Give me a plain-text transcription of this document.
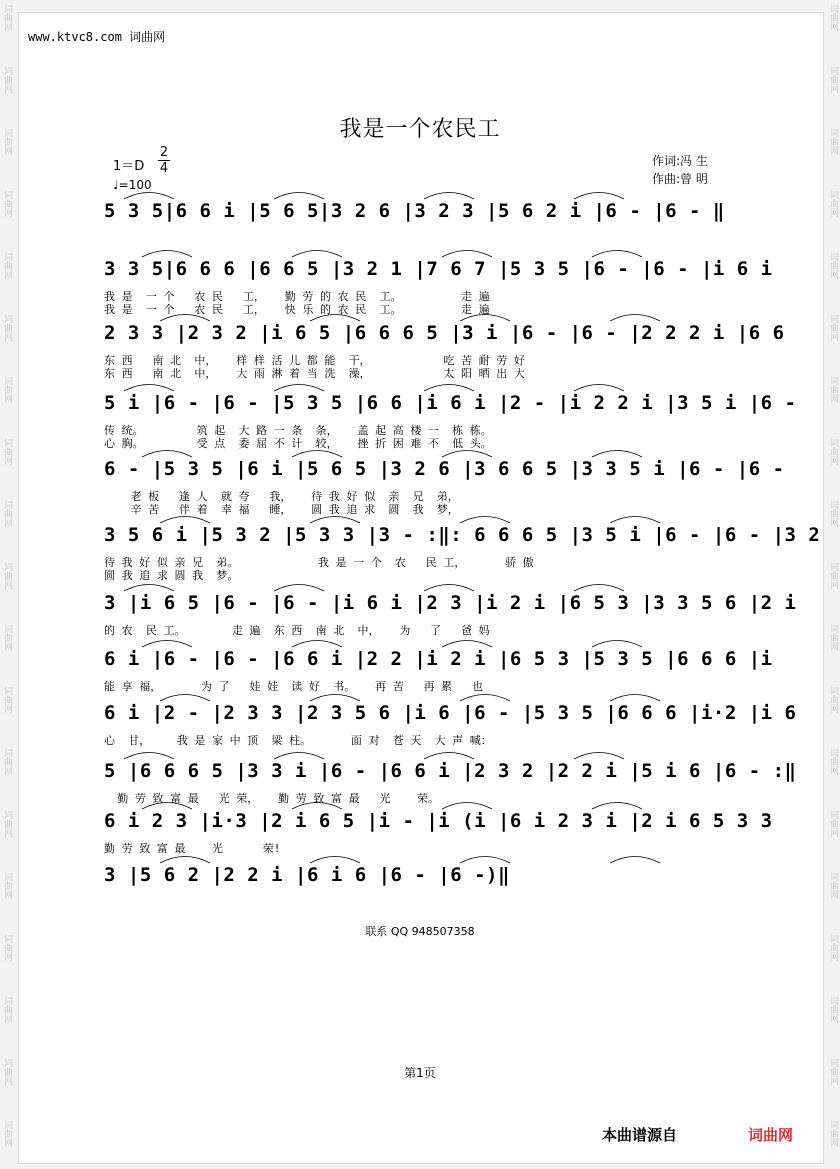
词曲网
词曲网
词曲网
词曲网
词曲网
词曲网
词曲网
词曲网
词曲网
词曲网
词曲网
词曲网
词曲网
词曲网
词曲网
词曲网
词曲网
词曲网
词曲网
词曲网
词曲网
词曲网
词曲网
词曲网
词曲网
词曲网
词曲网
词曲网
词曲网
词曲网
词曲网
词曲网
词曲网
词曲网
词曲网
词曲网
词曲网
词曲网
www.ktvc8.com 词曲网
我是一个农民工
$1=D \frac{2}{4}$
♩=100
作词:冯 生
作曲:曾 明
5 3 5|6 6 i |5 6 5|3 2 6 |3 2 3 |5 6 2 i |6 - |6 - ‖
3 3 5|6 6 6 |6 6 5 |3 2 1 |7 6 7 |5 3 5 |6 - |6 - |i 6 i
我 是  一 个   农 民   工，   勤 劳 的 农 民  工。         走 遍
我 是  一 个   农 民   工，   快 乐 的 农 民  工。         走 遍
2 3 3 |2 3 2 |i 6 5 |6 6 6 5 |3 i |6 - |6 - |2 2 2 i |6 6
东 西   南 北  中，   样 样 活 儿 都 能  干，           吃 苦 耐 劳 好
东 西   南 北  中，   大 雨 淋 着 当 洗  澡，           太 阳 晒 出 大
5 i |6 - |6 - |5 3 5 |6 6 |i 6 i |2 - |i 2 2 i |3 5 i |6 -
传 统。        筑 起  大 路 一 条  条，   盖 起 高 楼 一  栋 栋。
心 胸。        受 点  委 屈 不 计  较，   挫 折 困 难 不  低 头。
6 - |5 3 5 |6 i |5 6 5 |3 2 6 |3 6 6 5 |3 3 5 i |6 - |6 -
老 板   逢 人  就 夸   我，   待 我 好 似  亲  兄  弟，
辛 苦   伴 着  幸 福   睡，   圆 我 追 求  圆  我  梦，
3 5 6 i |5 3 2 |5 3 3 |3 - :‖: 6 6 6 5 |3 5 i |6 - |6 - |3 2
待 我 好 似 亲 兄  弟。            我 是 一 个  农   民 工，      骄 傲
圆 我 追 求 圆 我  梦。
3 |i 6 5 |6 - |6 - |i 6 i |2 3 |i 2 i |6 5 3 |3 3 5 6 |2 i
的 农  民 工。       走 遍  东 西  南 北  中，   为   了   爸 妈
6 i |6 - |6 - |6 6 i |2 2 |i 2 i |6 5 3 |5 3 5 |6 6 6 |i
能 享 福，      为 了   娃 娃  读 好  书。   再 苦   再 累   也
6 i |2 - |2 3 3 |2 3 5 6 |i 6 |6 - |5 3 5 |6 6 6 |i·2 |i 6
心  甘，    我 是 家 中 顶  梁 柱。      面 对  苍 天  大 声 喊：
5 |6 6 6 5 |3 3 i |6 - |6 6 i |2 3 2 |2 2 i |5 i 6 |6 - :‖
勤 劳 致 富 最   光 荣，   勤 劳 致 富 最   光    荣。
6 i 2 3 |i·3 |2 i 6 5 |i - |i (i |6 i 2 3 i |2 i 6 5 3 3
勤 劳 致 富 最    光      荣!
3 |5 6 2 |2 2 i |6 i 6 |6 - |6 -)‖
联系 QQ 948507358
第1页
本曲谱源自	词曲网
